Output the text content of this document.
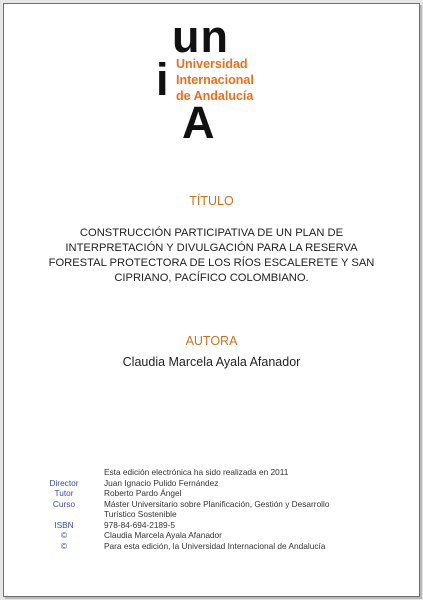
un
i
A
Universidad
Internacional
de Andalucía
TÍTULO
CONSTRUCCIÓN PARTICIPATIVA DE UN PLAN DE
INTERPRETACIÓN Y DIVULGACIÓN PARA LA RESERVA
FORESTAL PROTECTORA DE LOS RÍOS ESCALERETE Y SAN
CIPRIANO, PACÍFICO COLOMBIANO.
AUTORA
Claudia Marcela Ayala Afanador
Esta edición electrónica ha sido realizada en 2011
Director	Juan Ignacio Pulido Fernández
Tutor	Roberto Pardo Ángel
Curso	Máster Universitario sobre Planificación, Gestión y Desarrollo
Turístico Sostenible
ISBN	978-84-694-2189-5
©	Claudia Marcela Ayala Afanador
©	Para esta edición, la Universidad Internacional de Andalucía
